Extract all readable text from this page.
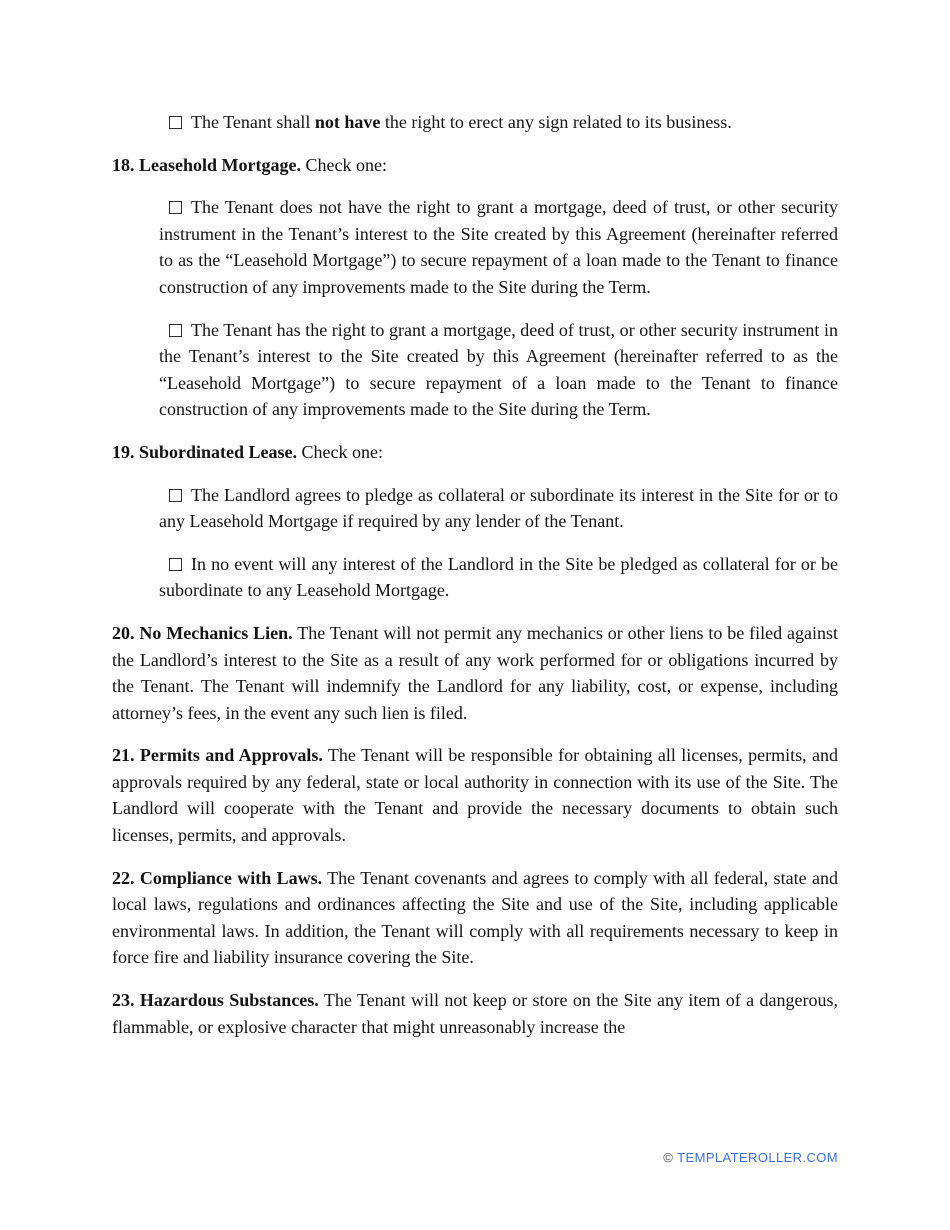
The Tenant shall not have the right to erect any sign related to its business.

18. Leasehold Mortgage. Check one:

The Tenant does not have the right to grant a mortgage, deed of trust, or other security instrument in the Tenant’s interest to the Site created by this Agreement (hereinafter referred to as the “Leasehold Mortgage”) to secure repayment of a loan made to the Tenant to finance construction of any improvements made to the Site during the Term.

The Tenant has the right to grant a mortgage, deed of trust, or other security instrument in the Tenant’s interest to the Site created by this Agreement (hereinafter referred to as the “Leasehold Mortgage”) to secure repayment of a loan made to the Tenant to finance construction of any improvements made to the Site during the Term.

19. Subordinated Lease. Check one:

The Landlord agrees to pledge as collateral or subordinate its interest in the Site for or to any Leasehold Mortgage if required by any lender of the Tenant.

In no event will any interest of the Landlord in the Site be pledged as collateral for or be subordinate to any Leasehold Mortgage.

20. No Mechanics Lien. The Tenant will not permit any mechanics or other liens to be filed against the Landlord’s interest to the Site as a result of any work performed for or obligations incurred by the Tenant. The Tenant will indemnify the Landlord for any liability, cost, or expense, including attorney’s fees, in the event any such lien is filed.

21. Permits and Approvals. The Tenant will be responsible for obtaining all licenses, permits, and approvals required by any federal, state or local authority in connection with its use of the Site. The Landlord will cooperate with the Tenant and provide the necessary documents to obtain such licenses, permits, and approvals.

22. Compliance with Laws. The Tenant covenants and agrees to comply with all federal, state and local laws, regulations and ordinances affecting the Site and use of the Site, including applicable environmental laws. In addition, the Tenant will comply with all requirements necessary to keep in force fire and liability insurance covering the Site.

23. Hazardous Substances. The Tenant will not keep or store on the Site any item of a dangerous, flammable, or explosive character that might unreasonably increase the

© TEMPLATEROLLER.COM
